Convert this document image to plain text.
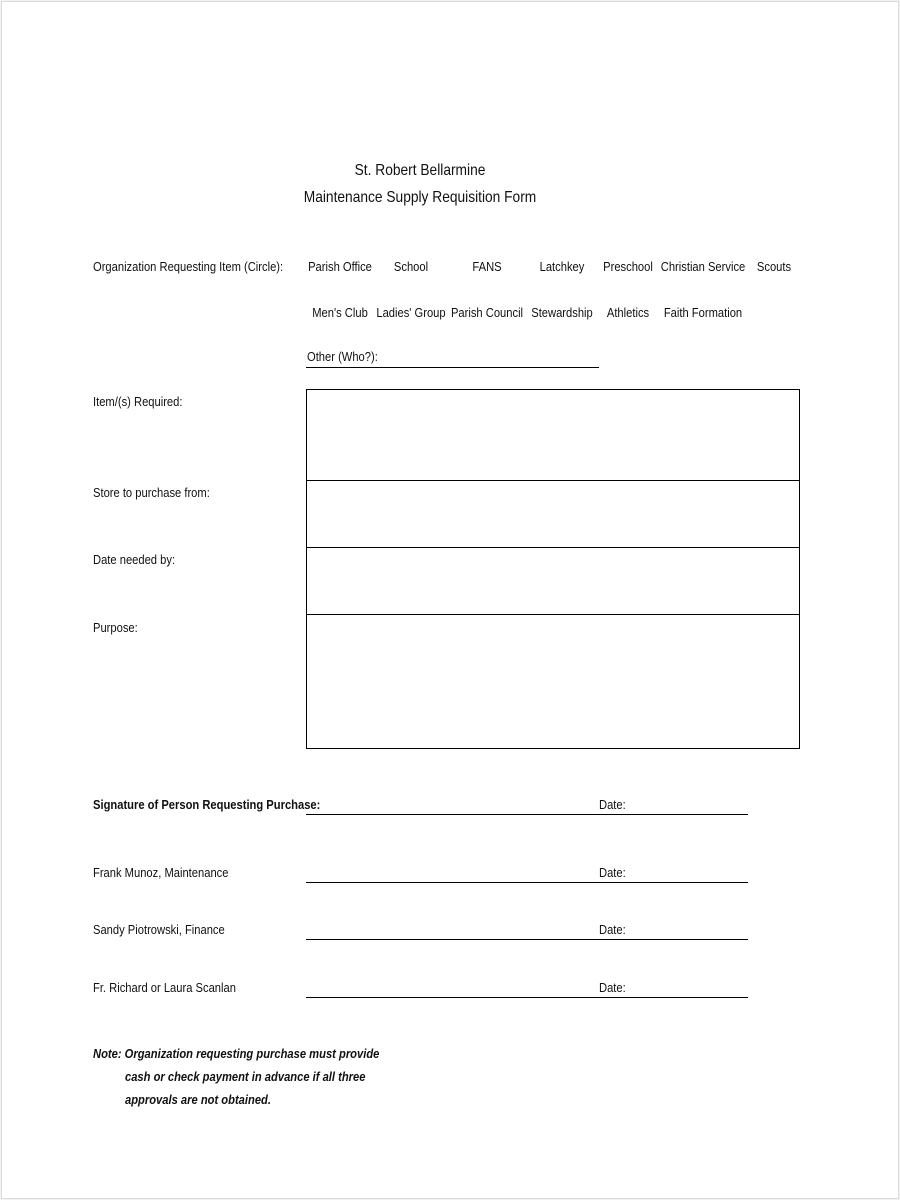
St. Robert Bellarmine
Maintenance Supply Requisition Form
Organization Requesting Item (Circle): Parish Office School	FANS	Latchkey Preschool Christian Service Scouts
Men's Club Ladies' Group Parish Council Stewardship Athletics Faith Formation
Other (Who?):
Item/(s) Required:
Store to purchase from:
Date needed by:
Purpose:
Signature of Person Requesting Purchase:	Date:
Frank Munoz, Maintenance	Date:
Sandy Piotrowski, Finance	Date:
Fr. Richard or Laura Scanlan	Date:
Note: Organization requesting purchase must provide
cash or check payment in advance if all three
approvals are not obtained.
